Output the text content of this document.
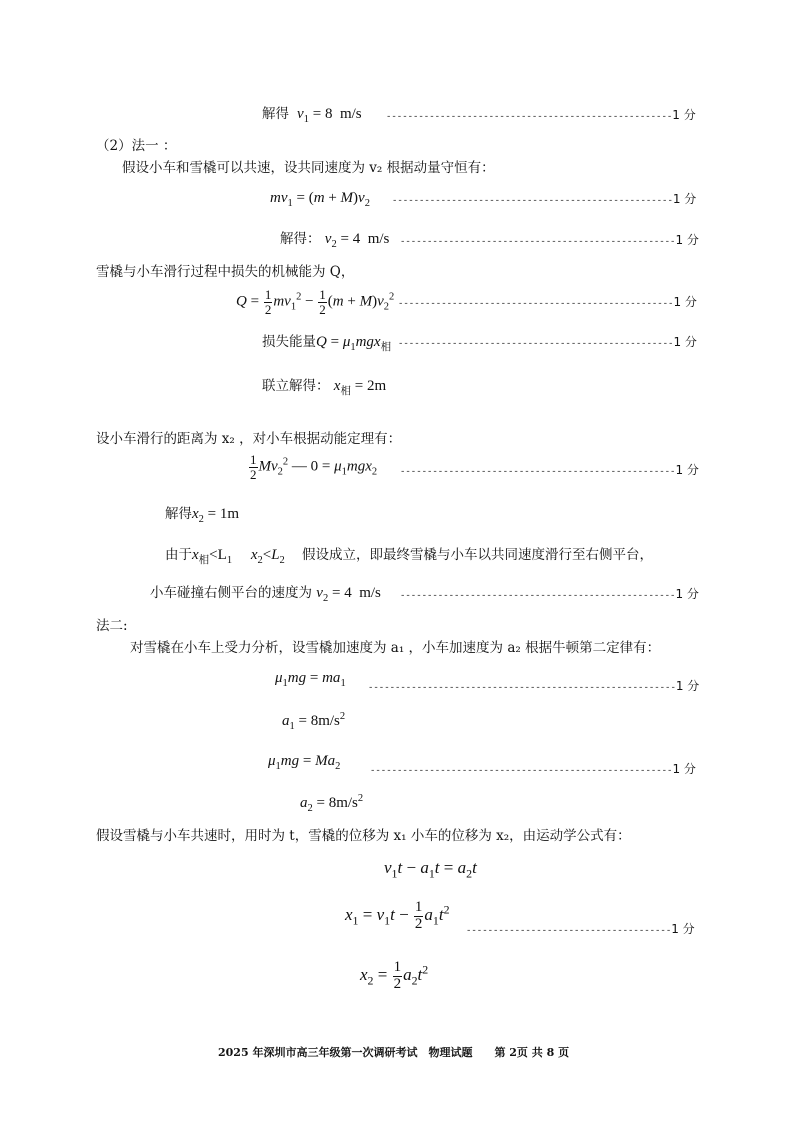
解得 $v_1 = 8$ m/s	-----------------------------------------------------1 分
（2）法一 ：
假设小车和雪橇可以共速，设共同速度为 v₂ 根据动量守恒有：
$mv_1 = (m + M)v_2$ ----------------------------------------------------1 分
解得： $v_2 = 4$ m/s ---------------------------------------------------1 分
雪橇与小车滑行过程中损失的机械能为 Q，
$Q = \frac{1}{2} mv_1^2 - \frac{1}{2} (m + M)v_2^2$
---------------------------------------------------1 分
损失能量$Q = \mu_1mgx_相$ ---------------------------------------------------1 分
联立解得： $x_相 = 2m$
设小车滑行的距离为 x₂ ，对小车根据动能定理有：
$\frac{1}{2} Mv_2^2$ — $0 = \mu_1mgx_2$	---------------------------------------------------1 分
解得$x_2 = 1m$
由于$x_相<L_1$ $x_2<L_2$ 假设成立，即最终雪橇与小车以共同速度滑行至右侧平台，
小车碰撞右侧平台的速度为 $v_2 = 4$ m/s ---------------------------------------------------1 分
法二:
对雪橇在小车上受力分析，设雪橇加速度为 a₁ ，小车加速度为 a₂ 根据牛顿第二定律有：
$\mu_1mg = ma_1$ ---------------------------------------------------------1 分
$a_1 = 8m/s^2$
$\mu_1mg = Ma_2$	--------------------------------------------------------1 分
$a_2 = 8m/s^2$
假设雪橇与小车共速时，用时为 t，雪橇的位移为 x₁ 小车的位移为 x₂，由运动学公式有：
$v_1t - a_1t = a_2t$
$x_1 = v_1t - \frac{1}{2} a_1t^2$
--------------------------------------1 分
$x_2 = \frac{1}{2} a_2t^2$
2025 年深圳市高三年级第一次调研考试　物理试题　　第 2页 共 8 页
